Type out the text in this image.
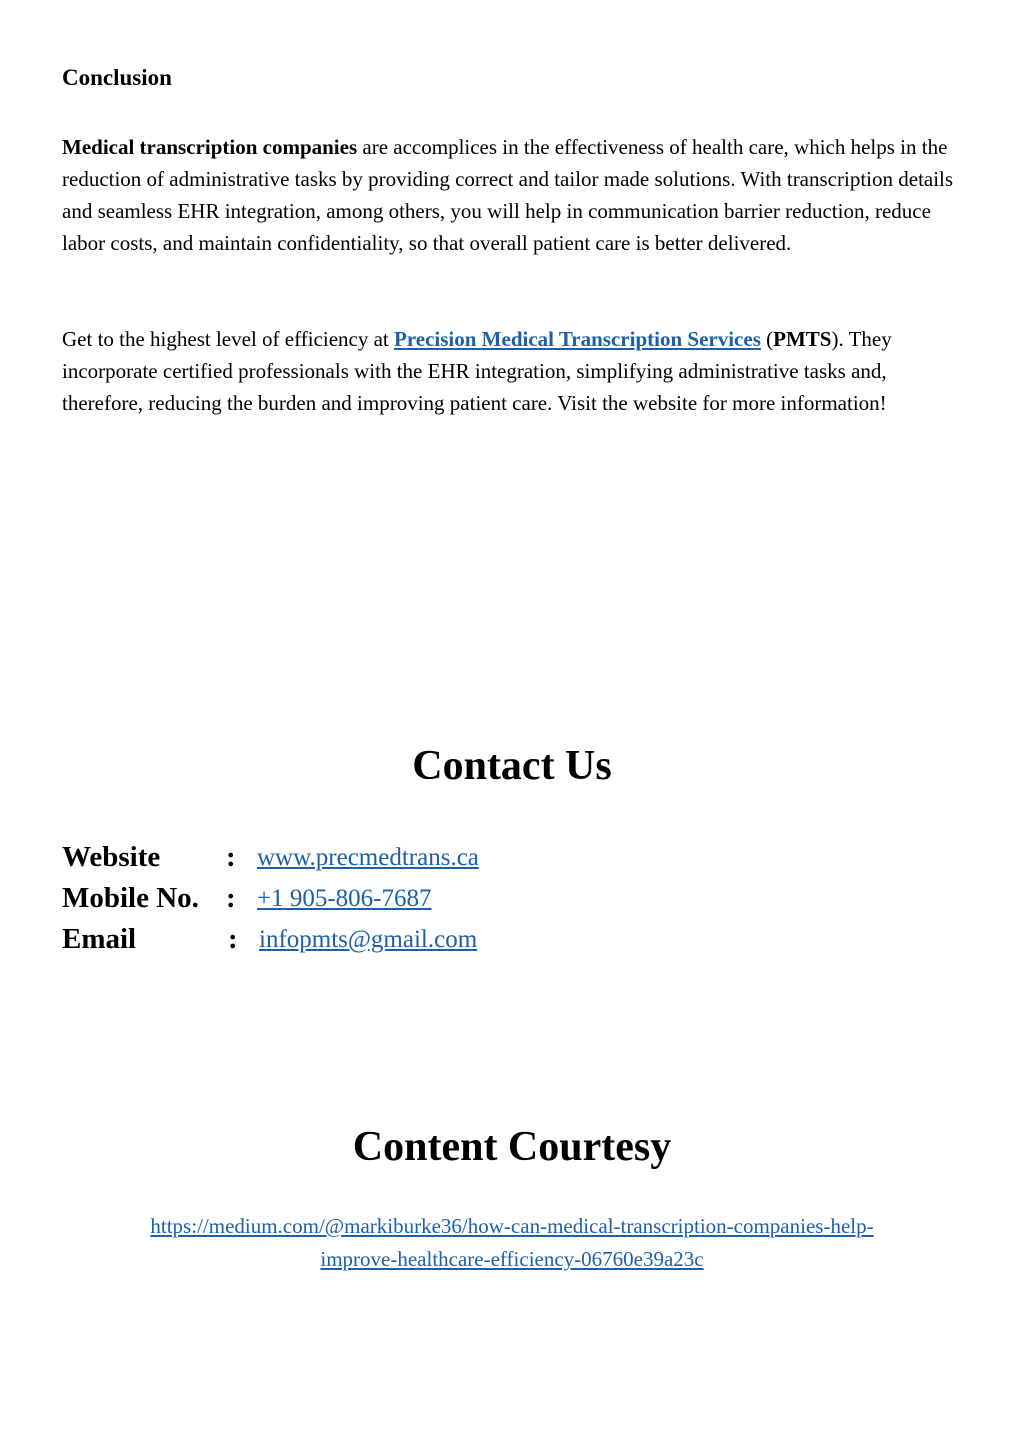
Conclusion

Medical transcription companies are accomplices in the effectiveness of health care, which helps in the reduction of administrative tasks by providing correct and tailor made solutions. With transcription details and seamless EHR integration, among others, you will help in communication barrier reduction, reduce labor costs, and maintain confidentiality, so that overall patient care is better delivered.

Get to the highest level of efficiency at Precision Medical Transcription Services (PMTS). They incorporate certified professionals with the EHR integration, simplifying administrative tasks and, therefore, reducing the burden and improving patient care. Visit the website for more information!

Contact Us
Website : www.precmedtrans.ca
Mobile No. : +1 905-806-7687
Email	: infopmts@gmail.com
Content Courtesy

https://medium.com/@markiburke36/how-can-medical-transcription-companies-help-
improve-healthcare-efficiency-06760e39a23c
